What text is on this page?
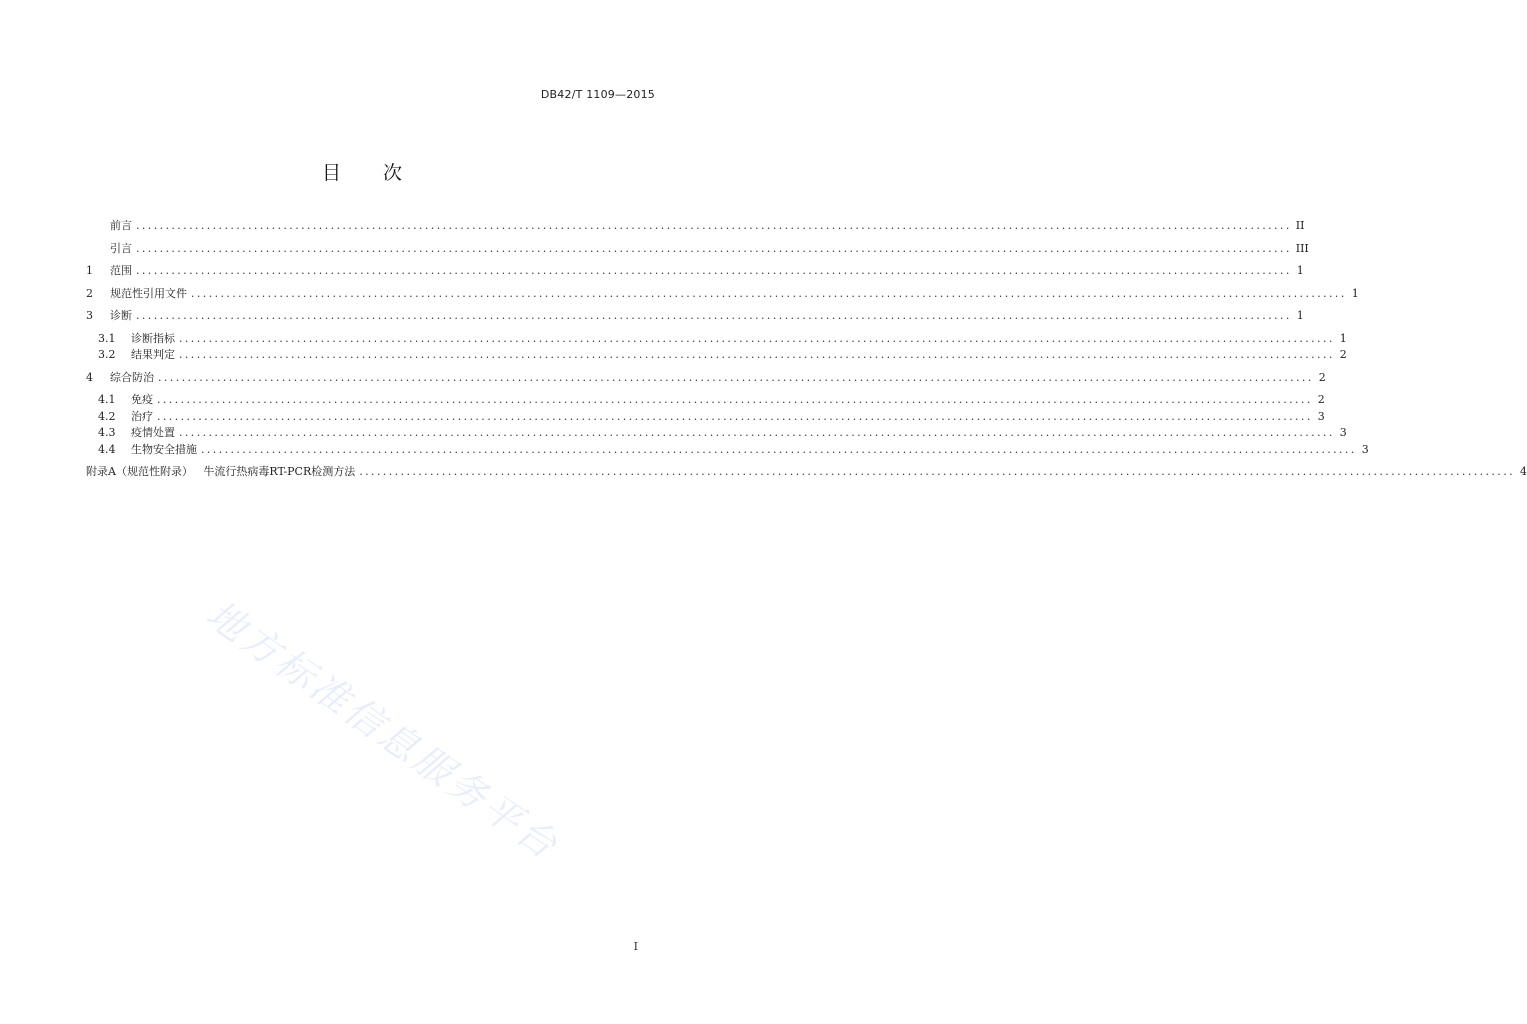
DB42/T 1109—2015
目 次
前言 .....	II
引言 .....	III
1	范围 .....	1
2	规范性引用文件 .....	1
3	诊断 .....	1
3.1	诊断指标 .....	1
3.2	结果判定 .....	2
4	综合防治 .....	2
4.1	免疫 .....	2
4.2	治疗 .....	3
4.3	疫情处置 .....	3
4.4	生物安全措施 .....	3
附录A（规范性附录）   牛流行热病毒RT-PCR检测方法 .....	4
地方标准信息服务平台
I
